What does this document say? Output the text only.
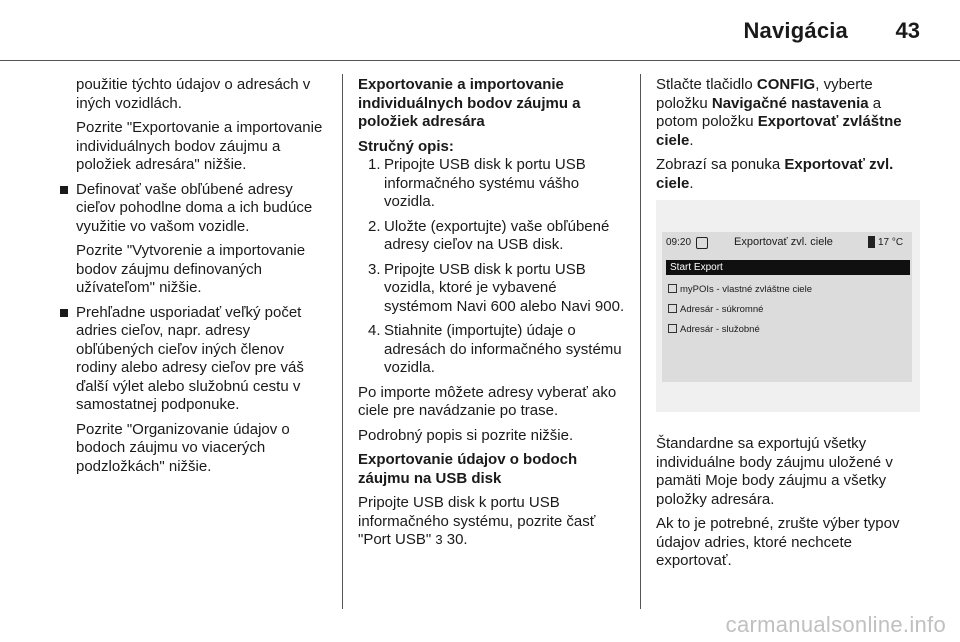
Navigácia 43

použitie týchto údajov o adresách v iných vozidlách.

Pozrite "Exportovanie a importovanie individuálnych bodov záujmu a položiek adresára" nižšie.

Definovať vaše obľúbené adresy cieľov pohodlne doma a ich budúce využitie vo vašom vozidle.

Pozrite "Vytvorenie a importovanie bodov záujmu definovaných užívateľom" nižšie.

Prehľadne usporiadať veľký počet adries cieľov, napr. adresy obľúbených cieľov iných členov rodiny alebo adresy cieľov pre váš ďalší výlet alebo služobnú cestu v samostatnej podponuke.

Pozrite "Organizovanie údajov o bodoch záujmu vo viacerých podzložkách" nižšie.

Exportovanie a importovanie individuálnych bodov záujmu a položiek adresára

Stručný opis:

1. Pripojte USB disk k portu USB informačného systému vášho vozidla.
2. Uložte (exportujte) vaše obľúbené adresy cieľov na USB disk.
3. Pripojte USB disk k portu USB vozidla, ktoré je vybavené systémom Navi 600 alebo Navi 900.
4. Stiahnite (importujte) údaje o adresách do informačného systému vozidla.

Po importe môžete adresy vyberať ako ciele pre navádzanie po trase.

Podrobný popis si pozrite nižšie.

Exportovanie údajov o bodoch záujmu na USB disk

Pripojte USB disk k portu USB informačného systému, pozrite časť "Port USB" 3 30.

Stlačte tlačidlo CONFIG, vyberte položku Navigačné nastavenia a potom položku Exportovať zvláštne ciele.

Zobrazí sa ponuka Exportovať zvl. ciele.

Štandardne sa exportujú všetky individuálne body záujmu uložené v pamäti Moje body záujmu a všetky položky adresára.

Ak to je potrebné, zrušte výber typov údajov adries, ktoré nechcete exportovať.

09:20	Exportovať zvl. ciele	17 °C
Start Export
myPOIs - vlastné zvláštne ciele
Adresár - súkromné
Adresár - služobné
carmanualsonline.info
